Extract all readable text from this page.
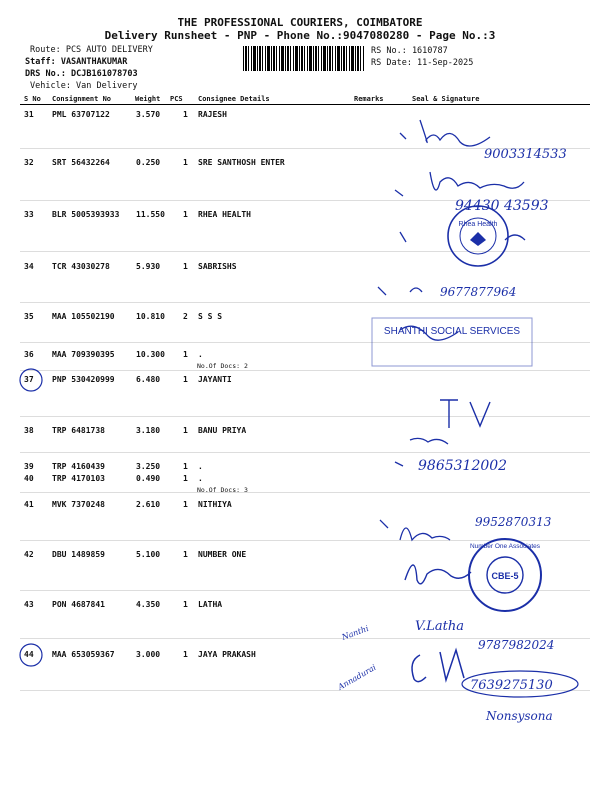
THE PROFESSIONAL COURIERS, COIMBATORE
Delivery Runsheet - PNP - Phone No.:9047080280 - Page No.:3
Route: PCS AUTO DELIVERY
Staff: VASANTHAKUMAR
DRS No.: DCJB161078703
Vehicle: Van Delivery
RS No.: 1610787
RS Date: 11-Sep-2025
S No Consignment No	Weight PCS Consignee Details	Remarks	Seal & Signature
31 PML 63707122	3.570	1 RAJESH
32 SRT 56432264	0.250	1 SRE SANTHOSH ENTER
33 BLR 5005393933 11.550 1 RHEA HEALTH
34 TCR 43030278	5.930	1 SABRISHS
35 MAA 105502190	10.810 2 S S S
36 MAA 709390395	10.300 1 .
37 PNP 530420999	6.480	1 JAYANTI
38 TRP 6481738	3.180	1 BANU PRIYA
39 TRP 4160439	3.250	1 .
40 TRP 4170103	0.490	1 .
41 MVK 7370248	2.610	1 NITHIYA
42 DBU 1489859	5.100	1 NUMBER ONE
43 PON 4687841	4.350	1 LATHA
44 MAA 653059367	3.000	1 JAYA PRAKASH
No.Of Docs: 2
No.Of Docs: 3
9003314533
94430 43593
Rhea Health
9677877964
SHANTHI SOCIAL SERVICES
9865312002
9952870313
CBE-5
Number One Associates
Nanthi	V.Latha
9787982024
Annadurai	7639275130
Nonsysona
